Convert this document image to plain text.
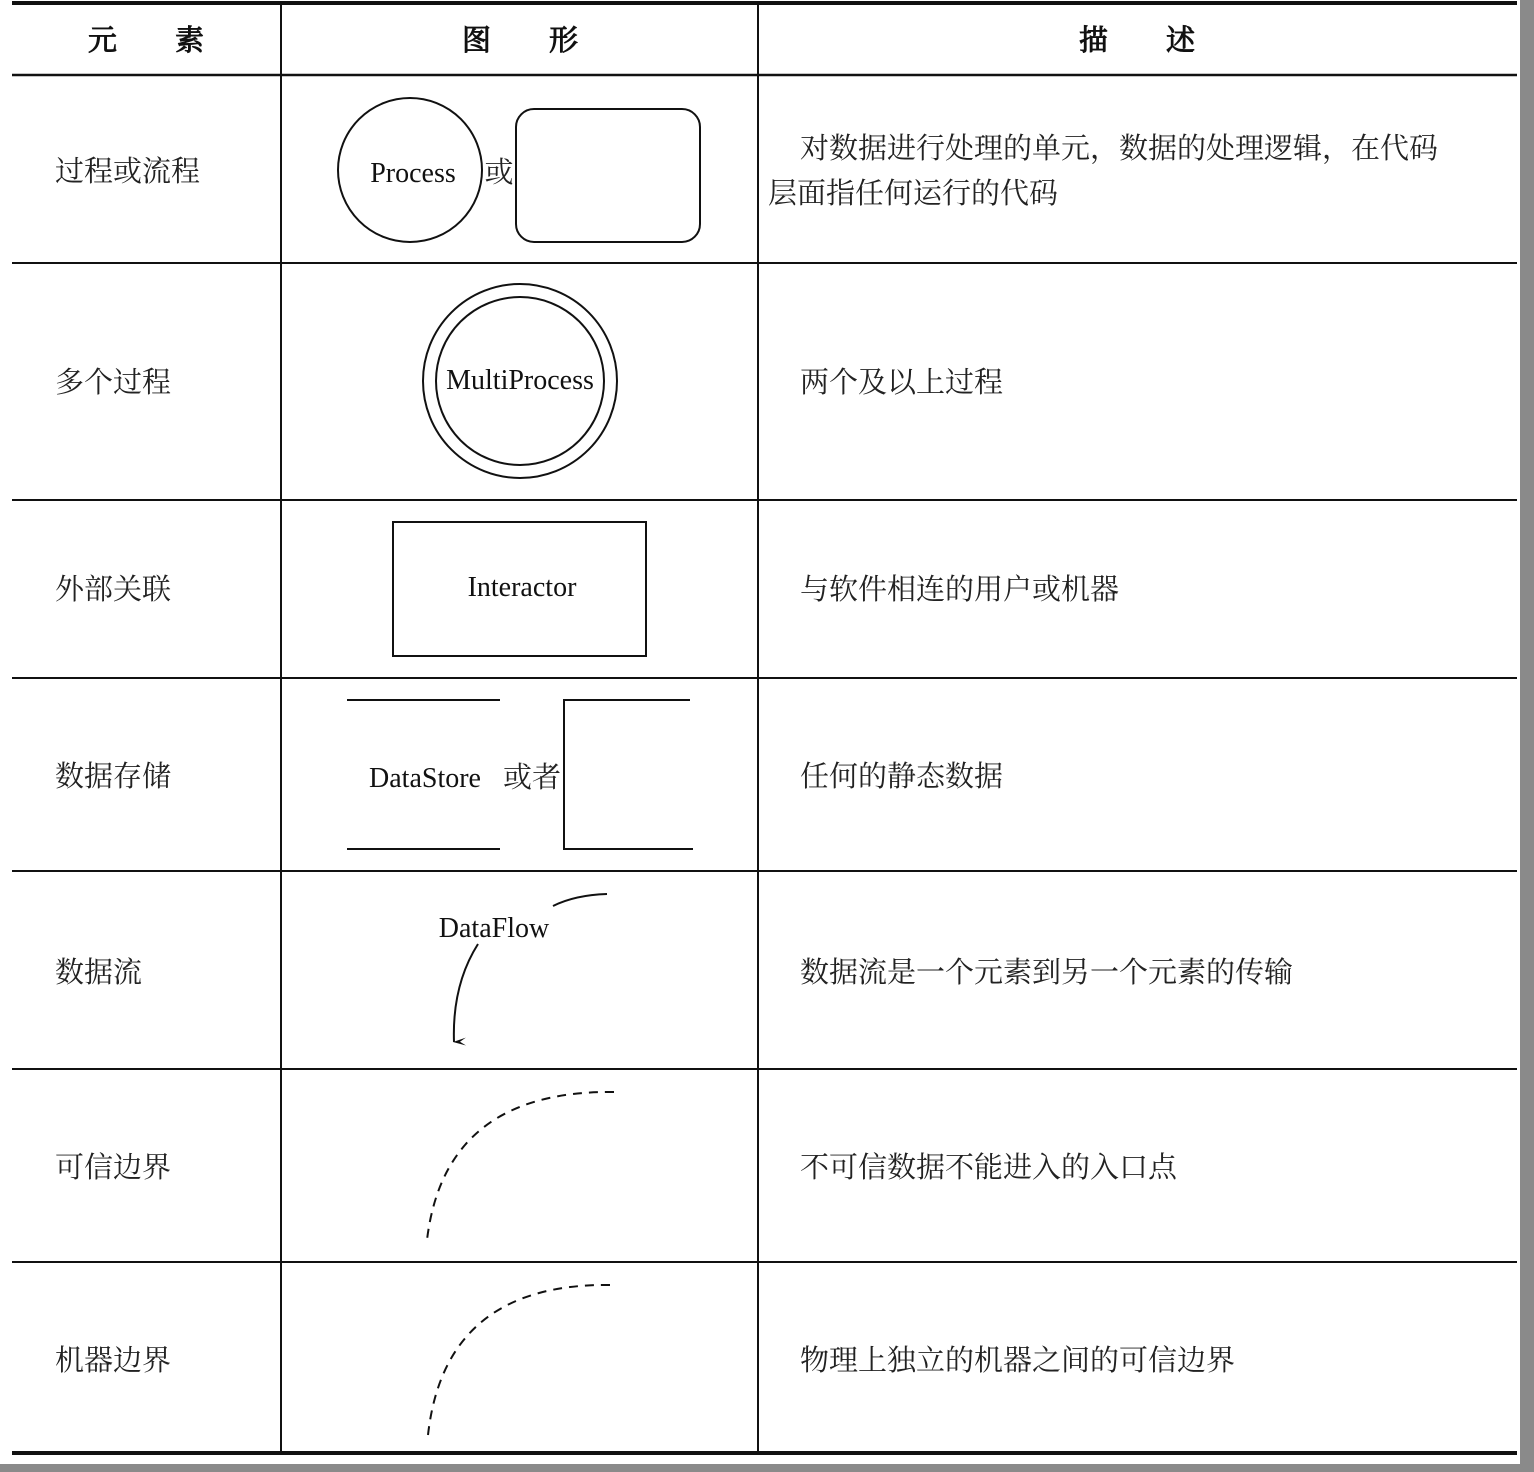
元　　素	图　　形	描　　述
过程或流程
多个过程
外部关联
数据存储
数据流
可信边界
机器边界
Process 或
MultiProcess
Interactor
DataStore 或者
DataFlow
对数据进行处理的单元，数据的处理逻辑，在代码
层面指任何运行的代码
两个及以上过程
与软件相连的用户或机器
任何的静态数据
数据流是一个元素到另一个元素的传输
不可信数据不能进入的入口点
物理上独立的机器之间的可信边界
